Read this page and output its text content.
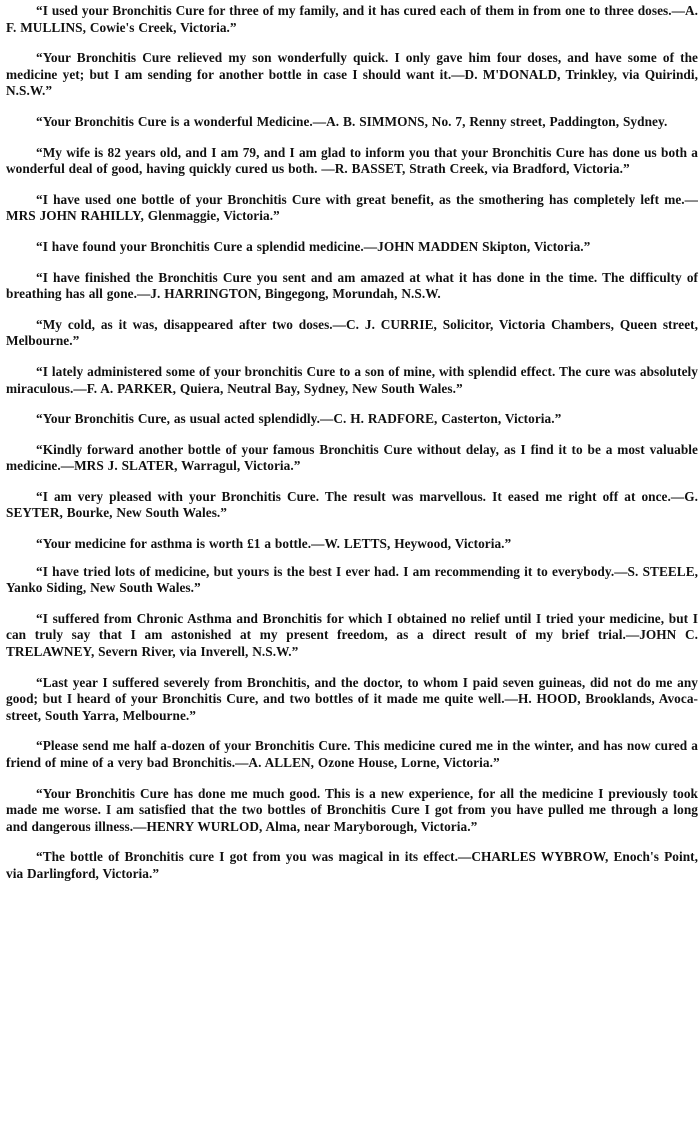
“I used your Bronchitis Cure for three of my family, and it has cured each of them in from one to three doses.—A. F. MULLINS, Cowie's Creek, Victoria.”

“Your Bronchitis Cure relieved my son wonderfully quick. I only gave him four doses, and have some of the medicine yet; but I am sending for another bottle in case I should want it.—D. M'DONALD, Trinkley, via Quirindi, N.S.W.”

“Your Bronchitis Cure is a wonderful Medicine.—A. B. SIMMONS, No. 7, Renny street, Paddington, Sydney.

“My wife is 82 years old, and I am 79, and I am glad to inform you that your Bronchitis Cure has done us both a wonderful deal of good, having quickly cured us both. —R. BASSET, Strath Creek, via Bradford, Victoria.”

“I have used one bottle of your Bronchitis Cure with great benefit, as the smothering has completely left me.—MRS JOHN RAHILLY, Glenmaggie, Victoria.”

“I have found your Bronchitis Cure a splendid medicine.—JOHN MADDEN Skipton, Victoria.”

“I have finished the Bronchitis Cure you sent and am amazed at what it has done in the time. The difficulty of breathing has all gone.—J. HARRINGTON, Bingegong, Morundah, N.S.W.

“My cold, as it was, disappeared after two doses.—C. J. CURRIE, Solicitor, Victoria Chambers, Queen street, Melbourne.”

“I lately administered some of your bronchitis Cure to a son of mine, with splendid effect. The cure was absolutely miraculous.—F. A. PARKER, Quiera, Neutral Bay, Sydney, New South Wales.”

“Your Bronchitis Cure, as usual acted splendidly.—C. H. RADFORE, Casterton, Victoria.”

“Kindly forward another bottle of your famous Bronchitis Cure without delay, as I find it to be a most valuable medicine.—MRS J. SLATER, Warragul, Victoria.”

“I am very pleased with your Bronchitis Cure. The result was marvellous. It eased me right off at once.—G. SEYTER, Bourke, New South Wales.”

“Your medicine for asthma is worth £1 a bottle.—W. LETTS, Heywood, Victoria.”

“I have tried lots of medicine, but yours is the best I ever had. I am recommending it to everybody.—S. STEELE, Yanko Siding, New South Wales.”

“I suffered from Chronic Asthma and Bronchitis for which I obtained no relief until I tried your medicine, but I can truly say that I am astonished at my present freedom, as a direct result of my brief trial.—JOHN C. TRELAWNEY, Severn River, via Inverell, N.S.W.”

“Last year I suffered severely from Bronchitis, and the doctor, to whom I paid seven guineas, did not do me any good; but I heard of your Bronchitis Cure, and two bottles of it made me quite well.—H. HOOD, Brooklands, Avoca-street, South Yarra, Melbourne.”

“Please send me half a-dozen of your Bronchitis Cure. This medicine cured me in the winter, and has now cured a friend of mine of a very bad Bronchitis.—A. ALLEN, Ozone House, Lorne, Victoria.”

“Your Bronchitis Cure has done me much good. This is a new experience, for all the medicine I previously took made me worse. I am satisfied that the two bottles of Bronchitis Cure I got from you have pulled me through a long and dangerous illness.—HENRY WURLOD, Alma, near Maryborough, Victoria.”

“The bottle of Bronchitis cure I got from you was magical in its effect.—CHARLES WYBROW, Enoch's Point, via Darlingford, Victoria.”
